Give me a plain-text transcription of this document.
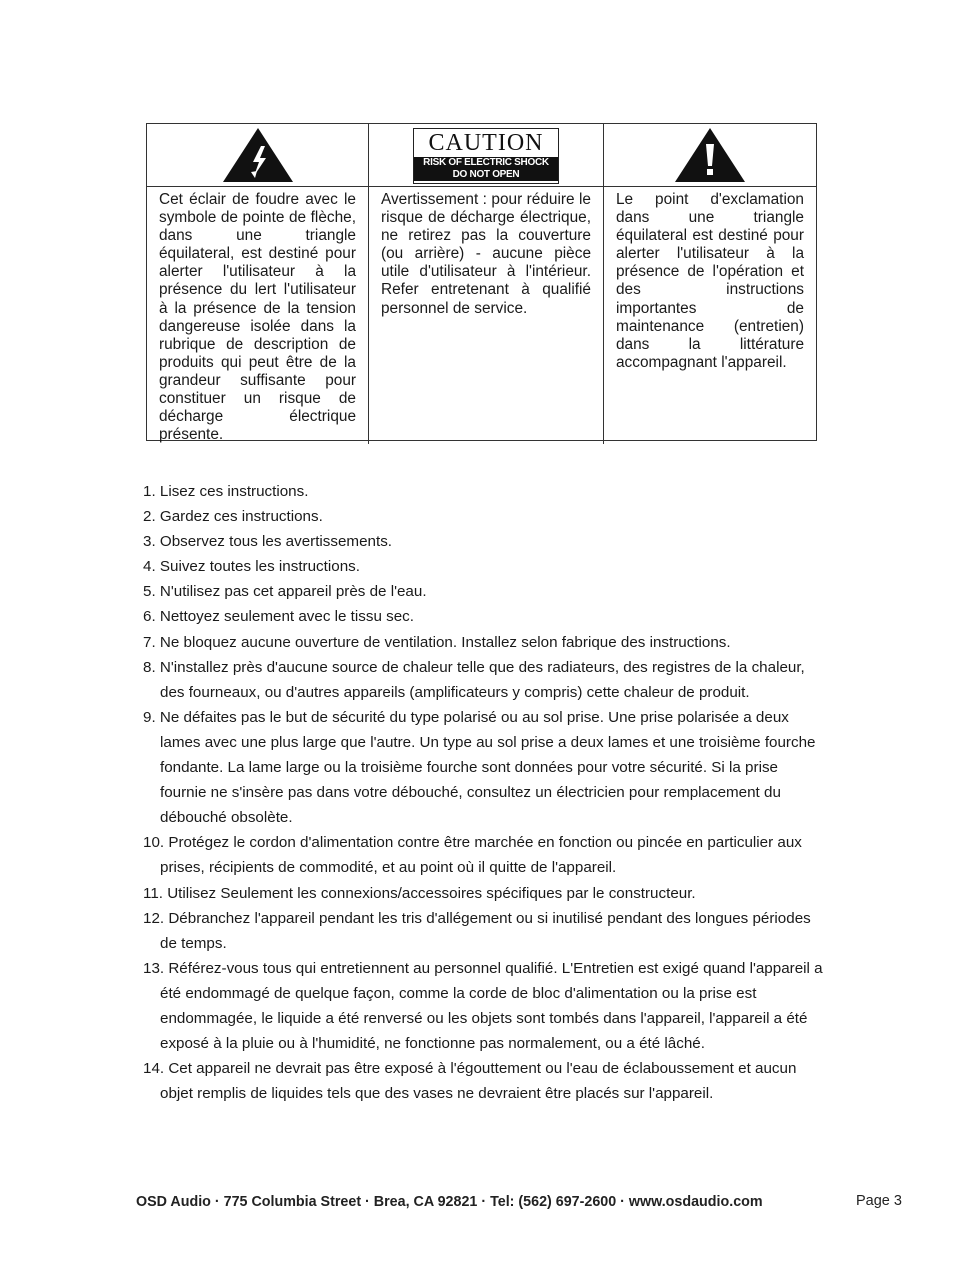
Cet éclair de foudre avec le symbole de pointe de flèche, dans une triangle équilateral, est destiné pour alerter l'utilisateur à la présence du lert l'utilisateur à la présence de la tension dangereuse isolée dans la rubrique de description de produits qui peut être de la grandeur suffisante pour constituer un risque de décharge électrique présente.
CAUTION
RISK OF ELECTRIC SHOCK
DO NOT OPEN
Avertissement : pour réduire le risque de décharge électrique, ne retirez pas la couverture (ou arrière) - aucune pièce utile d'utilisateur à l'intérieur. Refer entretenant à qualifié personnel de service.
Le point d'exclamation dans une triangle équilateral est destiné pour alerter l'utilisateur à la présence de l'opération et des instructions importantes de maintenance (entretien) dans la littérature accompagnant l'appareil.
1. Lisez ces instructions.
2. Gardez ces instructions.
3. Observez tous les avertissements.
4. Suivez toutes les instructions.
5. N'utilisez pas cet appareil près de l'eau.
6. Nettoyez seulement avec le tissu sec.
7. Ne bloquez aucune ouverture de ventilation. Installez selon fabrique des instructions.
8. N'installez près d'aucune source de chaleur telle que des radiateurs, des registres de la chaleur, des fourneaux, ou d'autres appareils (amplificateurs y compris) cette chaleur de produit.
9. Ne défaites pas le but de sécurité du type polarisé ou au sol prise. Une prise polarisée a deux lames avec une plus large que l'autre. Un type au sol prise a deux lames et une troisième fourche fondante. La lame large ou la troisième fourche sont données pour votre sécurité. Si la prise fournie ne s'insère pas dans votre débouché, consultez un électricien pour remplacement du débouché obsolète.
10. Protégez le cordon d'alimentation contre être marchée en fonction ou pincée en particulier aux prises, récipients de commodité, et au point où il quitte de l'appareil.
11. Utilisez Seulement les connexions/accessoires spécifiques par le constructeur.
12. Débranchez l'appareil pendant les tris d'allégement ou si inutilisé pendant des longues périodes de temps.
13. Référez-vous tous qui entretiennent au personnel qualifié. L'Entretien est exigé quand l'appareil a été endommagé de quelque façon, comme la corde de bloc d'alimentation ou la prise est endommagée, le liquide a été renversé ou les objets sont tombés dans l'appareil, l'appareil a été exposé à la pluie ou à l'humidité, ne fonctionne pas normalement, ou a été lâché.
14. Cet appareil ne devrait pas être exposé à l'égouttement ou l'eau de éclaboussement et aucun objet remplis de liquides tels que des vases ne devraient être placés sur l'appareil.
OSD Audio · 775 Columbia Street · Brea, CA 92821 · Tel: (562) 697-2600 · www.osdaudio.com	Page 3
